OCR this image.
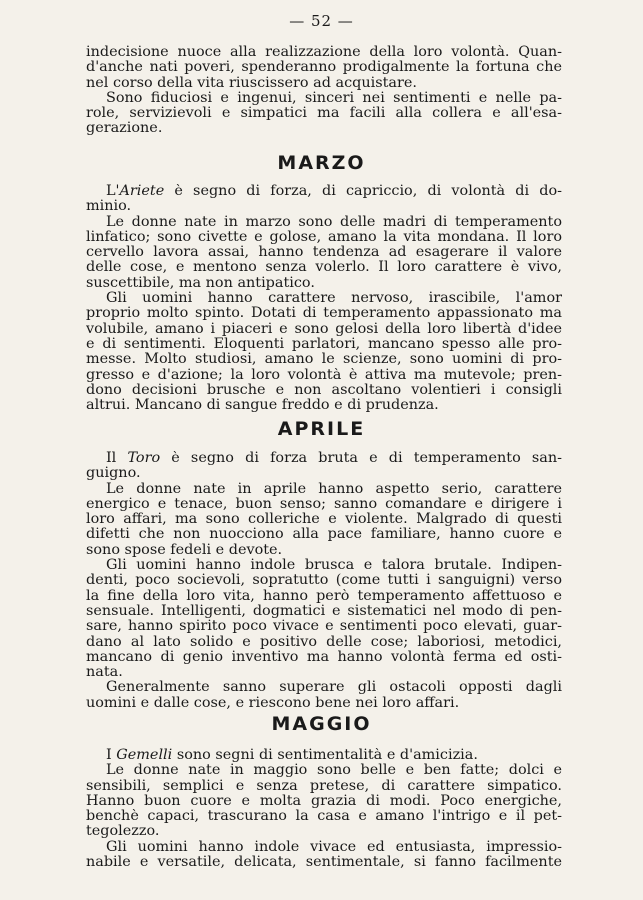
— 52 —
indecisione nuoce alla realizzazione della loro volontà. Quan-
d'anche nati poveri, spenderanno prodigalmente la fortuna che
nel corso della vita riuscissero ad acquistare.
Sono fiduciosi e ingenui, sinceri nei sentimenti e nelle pa-
role, servizievoli e simpatici ma facili alla collera e all'esa-
gerazione.
MARZO
L'Ariete è segno di forza, di capriccio, di volontà di do-
minio.
Le donne nate in marzo sono delle madri di temperamento
linfatico; sono civette e golose, amano la vita mondana. Il loro
cervello lavora assai, hanno tendenza ad esagerare il valore
delle cose, e mentono senza volerlo. Il loro carattere è vivo,
suscettibile, ma non antipatico.
Gli uomini hanno carattere nervoso, irascibile, l'amor
proprio molto spinto. Dotati di temperamento appassionato ma
volubile, amano i piaceri e sono gelosi della loro libertà d'idee
e di sentimenti. Eloquenti parlatori, mancano spesso alle pro-
messe. Molto studiosi, amano le scienze, sono uomini di pro-
gresso e d'azione; la loro volontà è attiva ma mutevole; pren-
dono decisioni brusche e non ascoltano volentieri i consigli
altrui. Mancano di sangue freddo e di prudenza.
APRILE
Il Toro è segno di forza bruta e di temperamento san-
guigno.
Le donne nate in aprile hanno aspetto serio, carattere
energico e tenace, buon senso; sanno comandare e dirigere i
loro affari, ma sono colleriche e violente. Malgrado di questi
difetti che non nuocciono alla pace familiare, hanno cuore e
sono spose fedeli e devote.
Gli uomini hanno indole brusca e talora brutale. Indipen-
denti, poco socievoli, sopratutto (come tutti i sanguigni) verso
la fine della loro vita, hanno però temperamento affettuoso e
sensuale. Intelligenti, dogmatici e sistematici nel modo di pen-
sare, hanno spirito poco vivace e sentimenti poco elevati, guar-
dano al lato solido e positivo delle cose; laboriosi, metodici,
mancano di genio inventivo ma hanno volontà ferma ed osti-
nata.
Generalmente sanno superare gli ostacoli opposti dagli
uomini e dalle cose, e riescono bene nei loro affari.
MAGGIO
I Gemelli sono segni di sentimentalità e d'amicizia.
Le donne nate in maggio sono belle e ben fatte; dolci e
sensibili, semplici e senza pretese, di carattere simpatico.
Hanno buon cuore e molta grazia di modi. Poco energiche,
benchè capaci, trascurano la casa e amano l'intrigo e il pet-
tegolezzo.
Gli uomini hanno indole vivace ed entusiasta, impressio-
nabile e versatile, delicata, sentimentale, si fanno facilmente
